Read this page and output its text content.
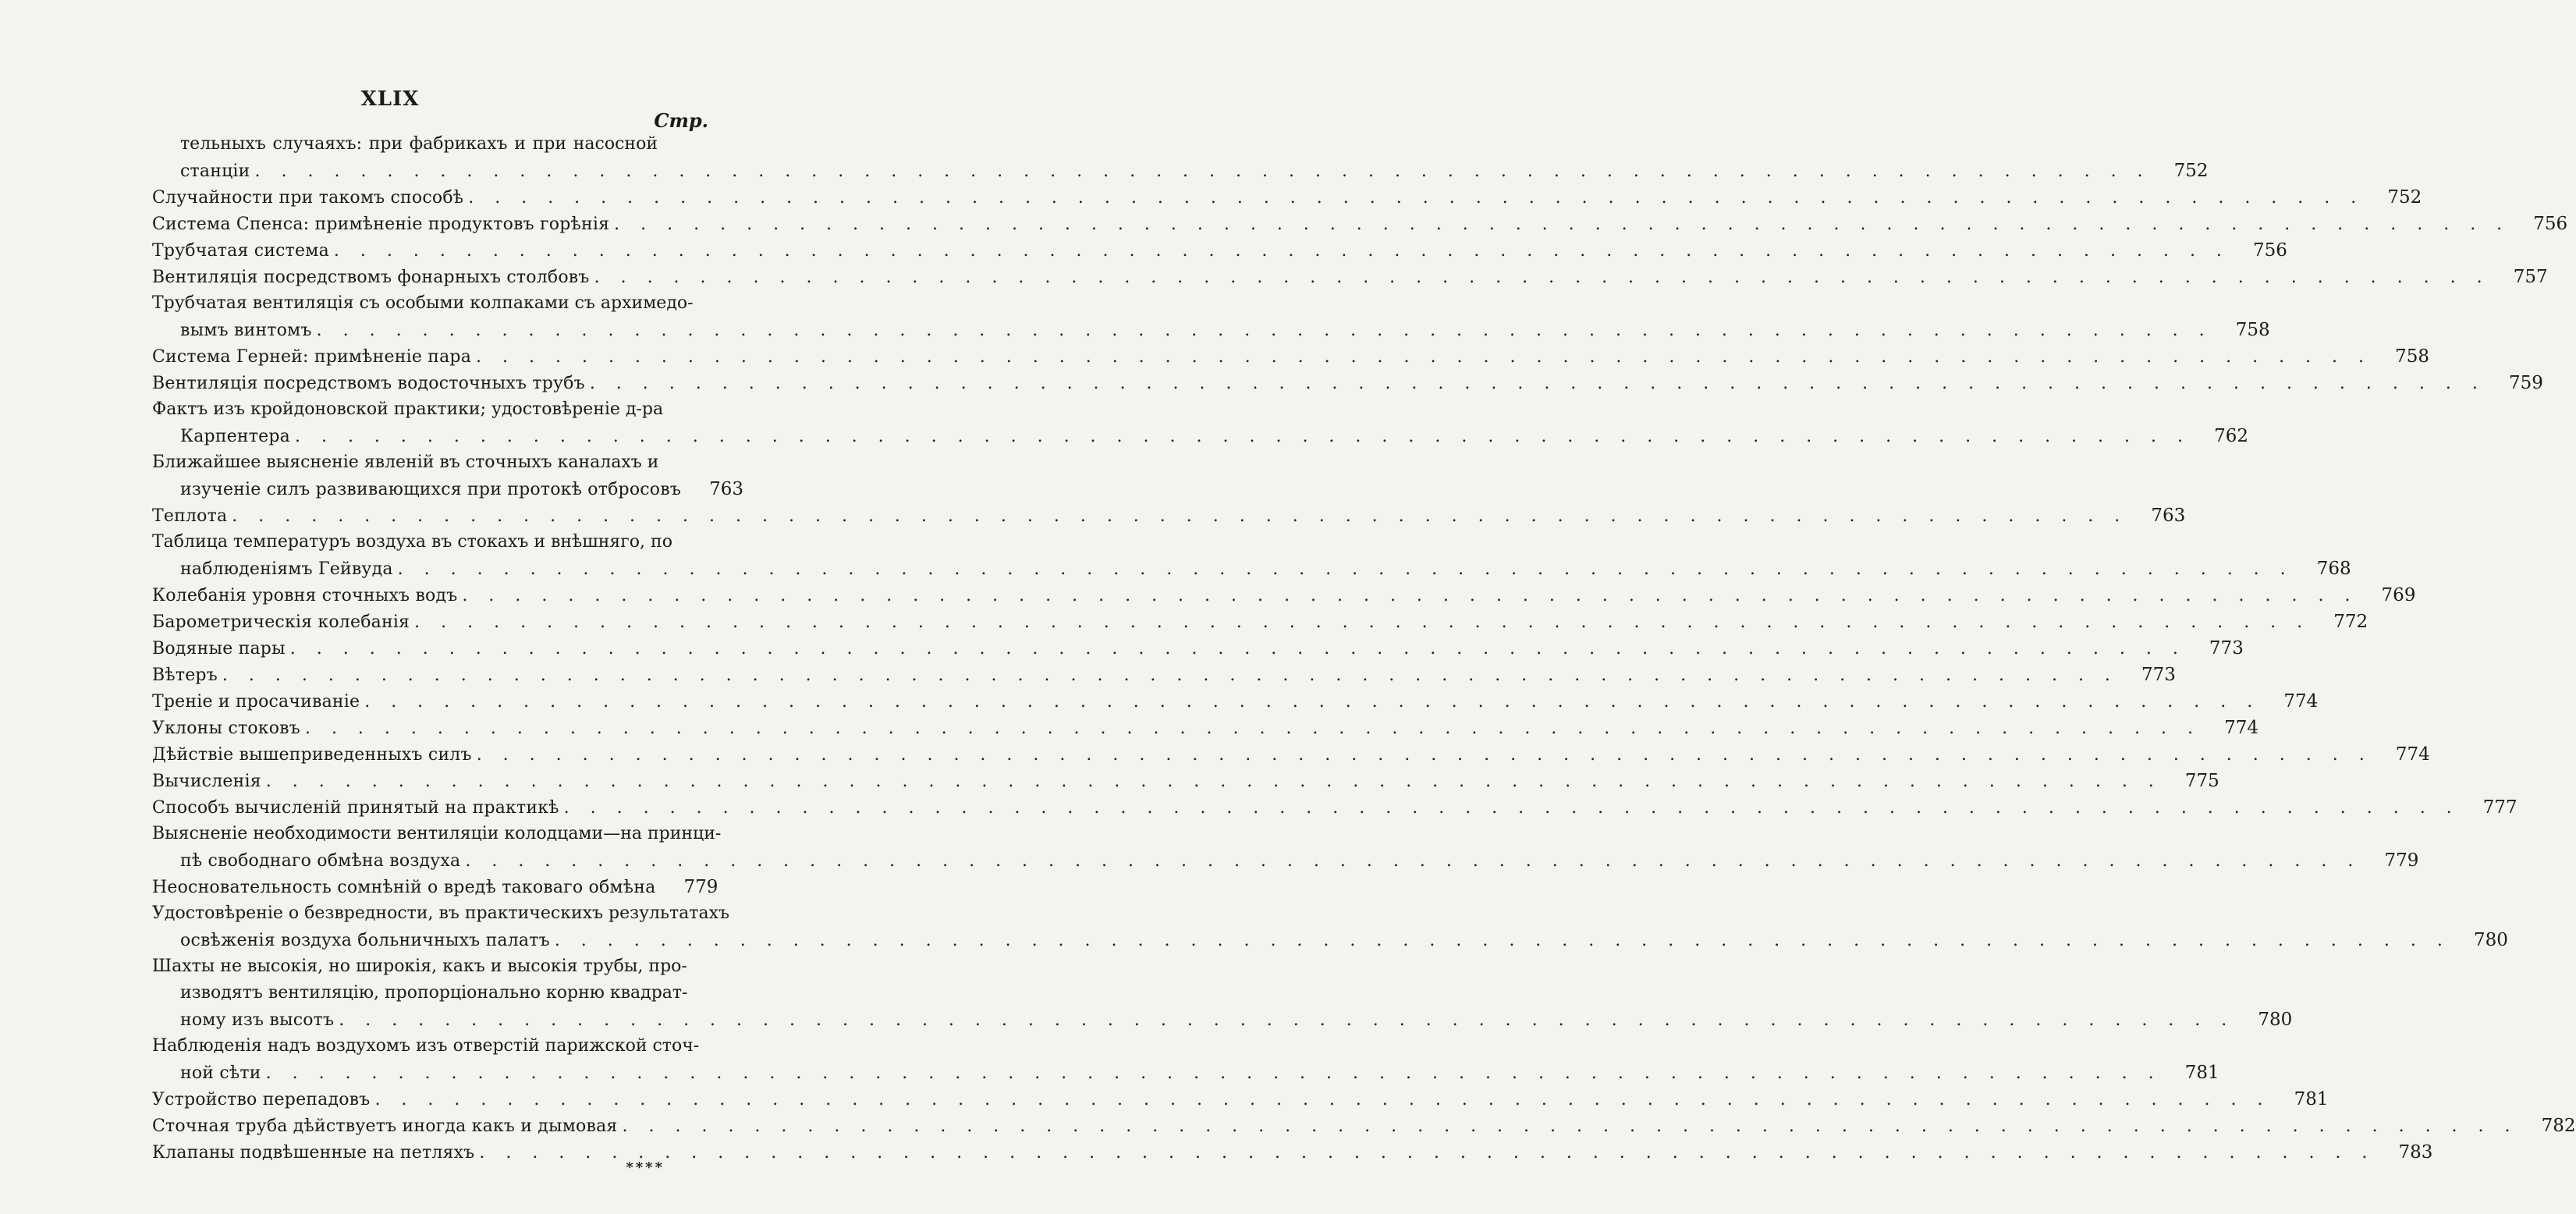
XLIX
Стр.
тельныхъ случаяхъ: при фабрикахъ и при насосной
станціи . . . . . . . . . . . . . . . . . . . . . . . . . . . . . . . . . . . . . . . . . . . . . . . . . . . . . . . . . . . . . . . . . . . . . . . .	752
Случайности при такомъ способѣ . . . . . . . . . . . . . . . . . . . . . . . . . . . . . . . . . . . . . . . . . . . . . . . . . . . . . . . . . . . . . . . . . . . . . . . .	752
Система Спенса: примѣненіе продуктовъ горѣнія . . . . . . . . . . . . . . . . . . . . . . . . . . . . . . . . . . . . . . . . . . . . . . . . . . . . . . . . . . . . . . . . . . . . . . . .	756
Трубчатая система . . . . . . . . . . . . . . . . . . . . . . . . . . . . . . . . . . . . . . . . . . . . . . . . . . . . . . . . . . . . . . . . . . . . . . . .	756
Вентиляція посредствомъ фонарныхъ столбовъ . . . . . . . . . . . . . . . . . . . . . . . . . . . . . . . . . . . . . . . . . . . . . . . . . . . . . . . . . . . . . . . . . . . . . . . .	757
Трубчатая вентиляція съ особыми колпаками съ архимедо-
вымъ винтомъ . . . . . . . . . . . . . . . . . . . . . . . . . . . . . . . . . . . . . . . . . . . . . . . . . . . . . . . . . . . . . . . . . . . . . . . .	758
Система Герней: примѣненіе пара . . . . . . . . . . . . . . . . . . . . . . . . . . . . . . . . . . . . . . . . . . . . . . . . . . . . . . . . . . . . . . . . . . . . . . . .	758
Вентиляція посредствомъ водосточныхъ трубъ . . . . . . . . . . . . . . . . . . . . . . . . . . . . . . . . . . . . . . . . . . . . . . . . . . . . . . . . . . . . . . . . . . . . . . . .	759
Фактъ изъ кройдоновской практики; удостовѣреніе д-ра
Карпентера . . . . . . . . . . . . . . . . . . . . . . . . . . . . . . . . . . . . . . . . . . . . . . . . . . . . . . . . . . . . . . . . . . . . . . . .	762
Ближайшее выясненіе явленій въ сточныхъ каналахъ и
изученіе силъ развивающихся при протокѣ отбросовъ	763
Теплота . . . . . . . . . . . . . . . . . . . . . . . . . . . . . . . . . . . . . . . . . . . . . . . . . . . . . . . . . . . . . . . . . . . . . . . .	763
Таблица температуръ воздуха въ стокахъ и внѣшняго, по
наблюденіямъ Гейвуда . . . . . . . . . . . . . . . . . . . . . . . . . . . . . . . . . . . . . . . . . . . . . . . . . . . . . . . . . . . . . . . . . . . . . . . .	768
Колебанія уровня сточныхъ водъ . . . . . . . . . . . . . . . . . . . . . . . . . . . . . . . . . . . . . . . . . . . . . . . . . . . . . . . . . . . . . . . . . . . . . . . .	769
Барометрическія колебанія . . . . . . . . . . . . . . . . . . . . . . . . . . . . . . . . . . . . . . . . . . . . . . . . . . . . . . . . . . . . . . . . . . . . . . . .	772
Водяные пары . . . . . . . . . . . . . . . . . . . . . . . . . . . . . . . . . . . . . . . . . . . . . . . . . . . . . . . . . . . . . . . . . . . . . . . .	773
Вѣтеръ . . . . . . . . . . . . . . . . . . . . . . . . . . . . . . . . . . . . . . . . . . . . . . . . . . . . . . . . . . . . . . . . . . . . . . . .	773
Треніе и просачиваніе . . . . . . . . . . . . . . . . . . . . . . . . . . . . . . . . . . . . . . . . . . . . . . . . . . . . . . . . . . . . . . . . . . . . . . . .	774
Уклоны стоковъ . . . . . . . . . . . . . . . . . . . . . . . . . . . . . . . . . . . . . . . . . . . . . . . . . . . . . . . . . . . . . . . . . . . . . . . .	774
Дѣйствіе вышеприведенныхъ силъ . . . . . . . . . . . . . . . . . . . . . . . . . . . . . . . . . . . . . . . . . . . . . . . . . . . . . . . . . . . . . . . . . . . . . . . .	774
Вычисленія . . . . . . . . . . . . . . . . . . . . . . . . . . . . . . . . . . . . . . . . . . . . . . . . . . . . . . . . . . . . . . . . . . . . . . . .	775
Способъ вычисленій принятый на практикѣ . . . . . . . . . . . . . . . . . . . . . . . . . . . . . . . . . . . . . . . . . . . . . . . . . . . . . . . . . . . . . . . . . . . . . . . .	777
Выясненіе необходимости вентиляціи колодцами—на принци-
пѣ свободнаго обмѣна воздуха . . . . . . . . . . . . . . . . . . . . . . . . . . . . . . . . . . . . . . . . . . . . . . . . . . . . . . . . . . . . . . . . . . . . . . . .	779
Неосновательность сомнѣній о вредѣ таковаго обмѣна	779
Удостовѣреніе о безвредности, въ практическихъ результатахъ
освѣженія воздуха больничныхъ палатъ . . . . . . . . . . . . . . . . . . . . . . . . . . . . . . . . . . . . . . . . . . . . . . . . . . . . . . . . . . . . . . . . . . . . . . . .	780
Шахты не высокія, но широкія, какъ и высокія трубы, про-
изводятъ вентиляцію, пропорціонально корню квадрат-
ному изъ высотъ . . . . . . . . . . . . . . . . . . . . . . . . . . . . . . . . . . . . . . . . . . . . . . . . . . . . . . . . . . . . . . . . . . . . . . . .	780
Наблюденія надъ воздухомъ изъ отверстій парижской сточ-
ной сѣти . . . . . . . . . . . . . . . . . . . . . . . . . . . . . . . . . . . . . . . . . . . . . . . . . . . . . . . . . . . . . . . . . . . . . . . .	781
Устройство перепадовъ . . . . . . . . . . . . . . . . . . . . . . . . . . . . . . . . . . . . . . . . . . . . . . . . . . . . . . . . . . . . . . . . . . . . . . . .	781
Сточная труба дѣйствуетъ иногда какъ и дымовая . . . . . . . . . . . . . . . . . . . . . . . . . . . . . . . . . . . . . . . . . . . . . . . . . . . . . . . . . . . . . . . . . . . . . . . .	782
Клапаны подвѣшенные на петляхъ . . . . . . . . . . . . . . . . . . . . . . . . . . . . . . . . . . . . . . . . . . . . . . . . . . . . . . . . . . . . . . . . . . . . . . . .	783
****
